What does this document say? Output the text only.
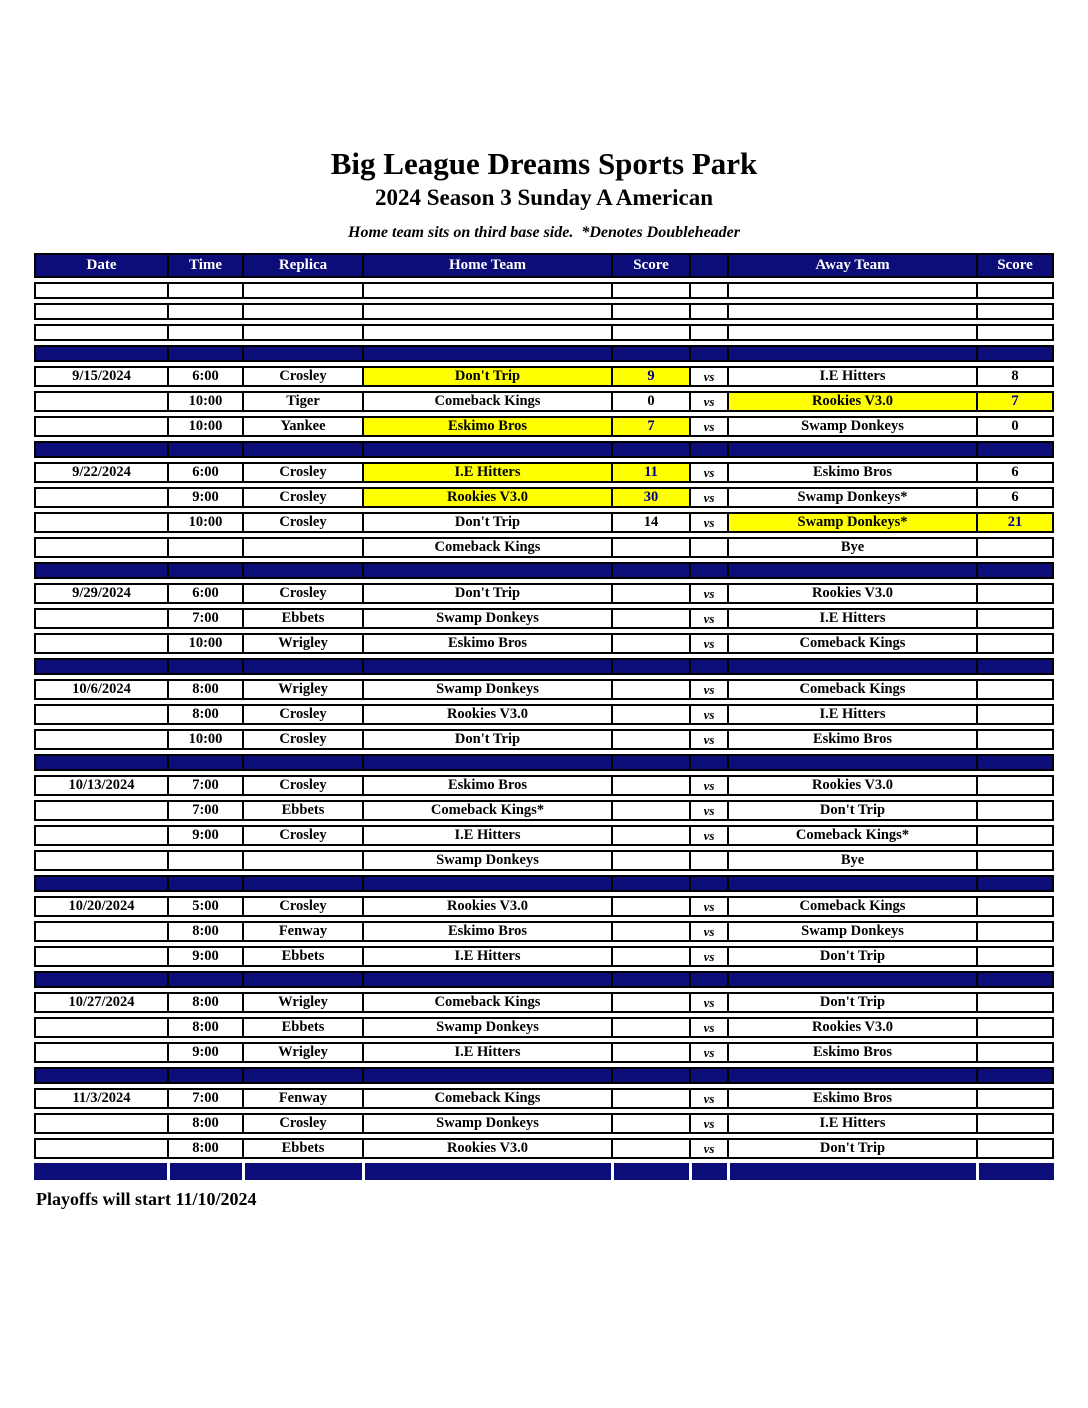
Big League Dreams Sports Park
2024 Season 3 Sunday A American
Home team sits on third base side.  *Denotes Doubleheader
Date	Time	Replica	Home Team	Score		Away Team	Score

9/15/2024	6:00	Crosley	Don't Trip	9	vs	I.E Hitters	8
	10:00	Tiger	Comeback Kings	0	vs	Rookies V3.0	7
	10:00	Yankee	Eskimo Bros	7	vs	Swamp Donkeys	0

9/22/2024	6:00	Crosley	I.E Hitters	11	vs	Eskimo Bros	6
	9:00	Crosley	Rookies V3.0	30	vs	Swamp Donkeys*	6
	10:00	Crosley	Don't Trip	14	vs	Swamp Donkeys*	21
			Comeback Kings			Bye	

9/29/2024	6:00	Crosley	Don't Trip		vs	Rookies V3.0	
	7:00	Ebbets	Swamp Donkeys		vs	I.E Hitters	
	10:00	Wrigley	Eskimo Bros		vs	Comeback Kings	

10/6/2024	8:00	Wrigley	Swamp Donkeys		vs	Comeback Kings	
	8:00	Crosley	Rookies V3.0		vs	I.E Hitters	
	10:00	Crosley	Don't Trip		vs	Eskimo Bros	

10/13/2024	7:00	Crosley	Eskimo Bros		vs	Rookies V3.0	
	7:00	Ebbets	Comeback Kings*		vs	Don't Trip	
	9:00	Crosley	I.E Hitters		vs	Comeback Kings*	
			Swamp Donkeys			Bye	

10/20/2024	5:00	Crosley	Rookies V3.0		vs	Comeback Kings	
	8:00	Fenway	Eskimo Bros		vs	Swamp Donkeys	
	9:00	Ebbets	I.E Hitters		vs	Don't Trip	

10/27/2024	8:00	Wrigley	Comeback Kings		vs	Don't Trip	
	8:00	Ebbets	Swamp Donkeys		vs	Rookies V3.0	
	9:00	Wrigley	I.E Hitters		vs	Eskimo Bros	

11/3/2024	7:00	Fenway	Comeback Kings		vs	Eskimo Bros	
	8:00	Crosley	Swamp Donkeys		vs	I.E Hitters	
	8:00	Ebbets	Rookies V3.0		vs	Don't Trip	

Playoffs will start 11/10/2024
